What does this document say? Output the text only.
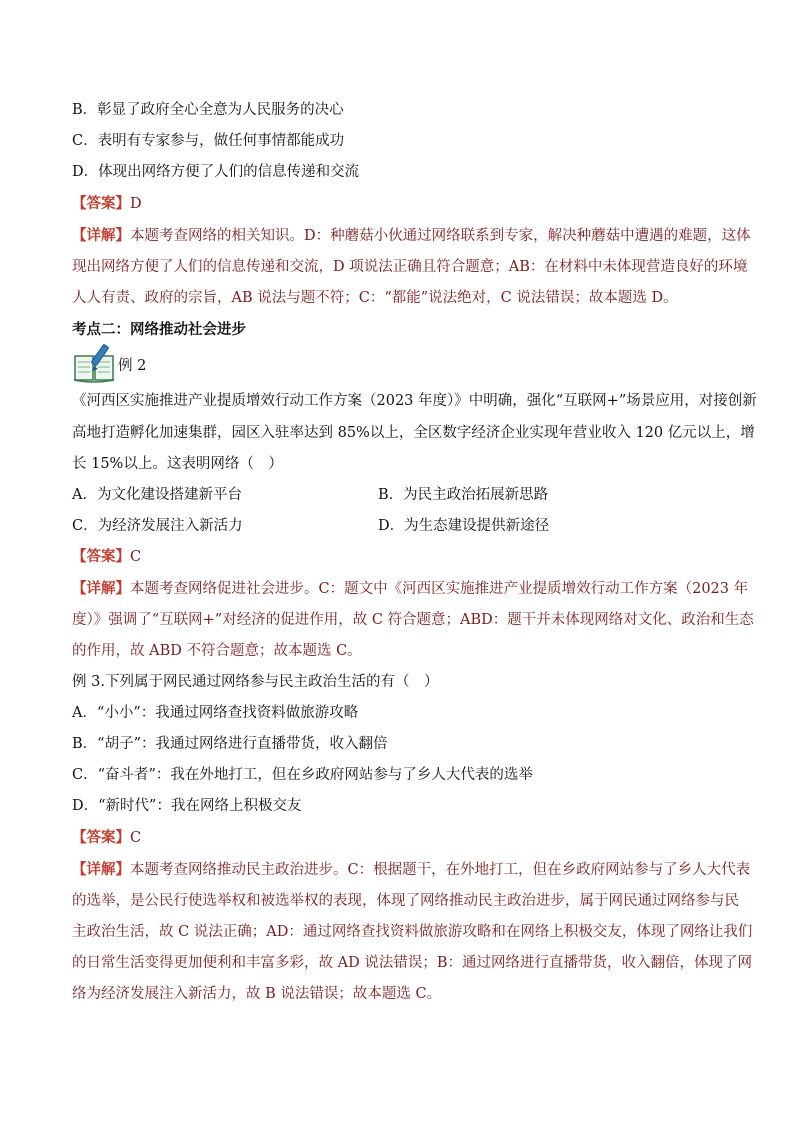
B．彰显了政府全心全意为人民服务的决心
C．表明有专家参与，做任何事情都能成功
D．体现出网络方便了人们的信息传递和交流
【答案】D
【详解】本题考查网络的相关知识。D：种蘑菇小伙通过网络联系到专家，解决种蘑菇中遭遇的难题，这体
现出网络方便了人们的信息传递和交流，D 项说法正确且符合题意；AB：在材料中未体现营造良好的环境
人人有责、政府的宗旨，AB 说法与题不符；C：“都能”说法绝对，C 说法错误；故本题选 D。
考点二：网络推动社会进步
例 2
《河西区实施推进产业提质增效行动工作方案（2023 年度）》中明确，强化“互联网+”场景应用，对接创新
高地打造孵化加速集群，园区入驻率达到 85%以上，全区数字经济企业实现年营业收入 120 亿元以上，增
长 15%以上。这表明网络（　）
A．为文化建设搭建新平台	B．为民主政治拓展新思路
C．为经济发展注入新活力	D．为生态建设提供新途径
【答案】C
【详解】本题考查网络促进社会进步。C：题文中《河西区实施推进产业提质增效行动工作方案（2023 年
度）》强调了“互联网+”对经济的促进作用，故 C 符合题意；ABD：题干并未体现网络对文化、政治和生态
的作用，故 ABD 不符合题意；故本题选 C。
例 3.下列属于网民通过网络参与民主政治生活的有（　）
A．“小小”：我通过网络查找资料做旅游攻略
B．“胡子”：我通过网络进行直播带货，收入翻倍
C．“奋斗者”：我在外地打工，但在乡政府网站参与了乡人大代表的选举
D．“新时代”：我在网络上积极交友
【答案】C
【详解】本题考查网络推动民主政治进步。C：根据题干，在外地打工，但在乡政府网站参与了乡人大代表
的选举，是公民行使选举权和被选举权的表现，体现了网络推动民主政治进步，属于网民通过网络参与民
主政治生活，故 C 说法正确；AD：通过网络查找资料做旅游攻略和在网络上积极交友，体现了网络让我们
的日常生活变得更加便利和丰富多彩，故 AD 说法错误；B：通过网络进行直播带货，收入翻倍，体现了网
络为经济发展注入新活力，故 B 说法错误；故本题选 C。
